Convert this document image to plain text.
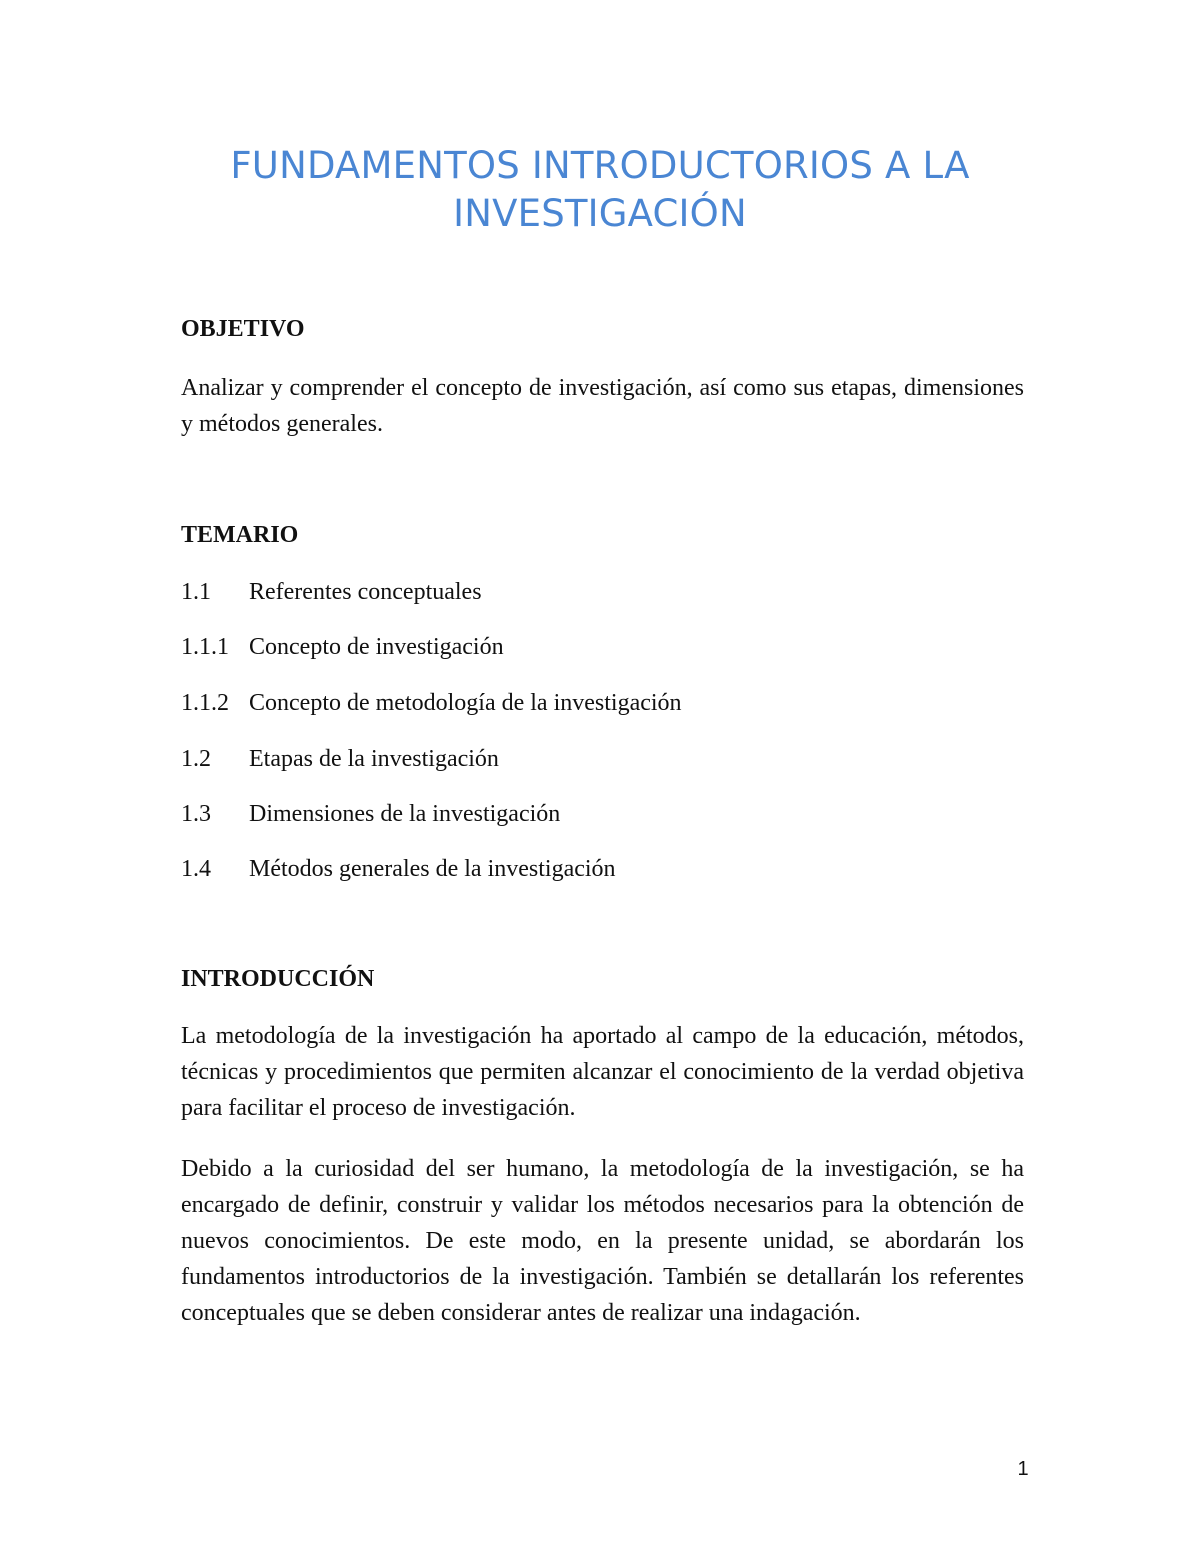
FUNDAMENTOS INTRODUCTORIOS A LA
INVESTIGACIÓN
OBJETIVO
Analizar y comprender el concepto de investigación, así como sus etapas, dimensiones y métodos generales.
TEMARIO
1.1 Referentes conceptuales
1.1.1 Concepto de investigación
1.1.2 Concepto de metodología de la investigación
1.2 Etapas de la investigación
1.3 Dimensiones de la investigación
1.4 Métodos generales de la investigación
INTRODUCCIÓN
La metodología de la investigación ha aportado al campo de la educación, métodos, técnicas y procedimientos que permiten alcanzar el conocimiento de la verdad objetiva para facilitar el proceso de investigación.
Debido a la curiosidad del ser humano, la metodología de la investigación, se ha encargado de definir, construir y validar los métodos necesarios para la obtención de nuevos conocimientos. De este modo, en la presente unidad, se abordarán los fundamentos introductorios de la investigación. También se detallarán los referentes conceptuales que se deben considerar antes de realizar una indagación.
1
